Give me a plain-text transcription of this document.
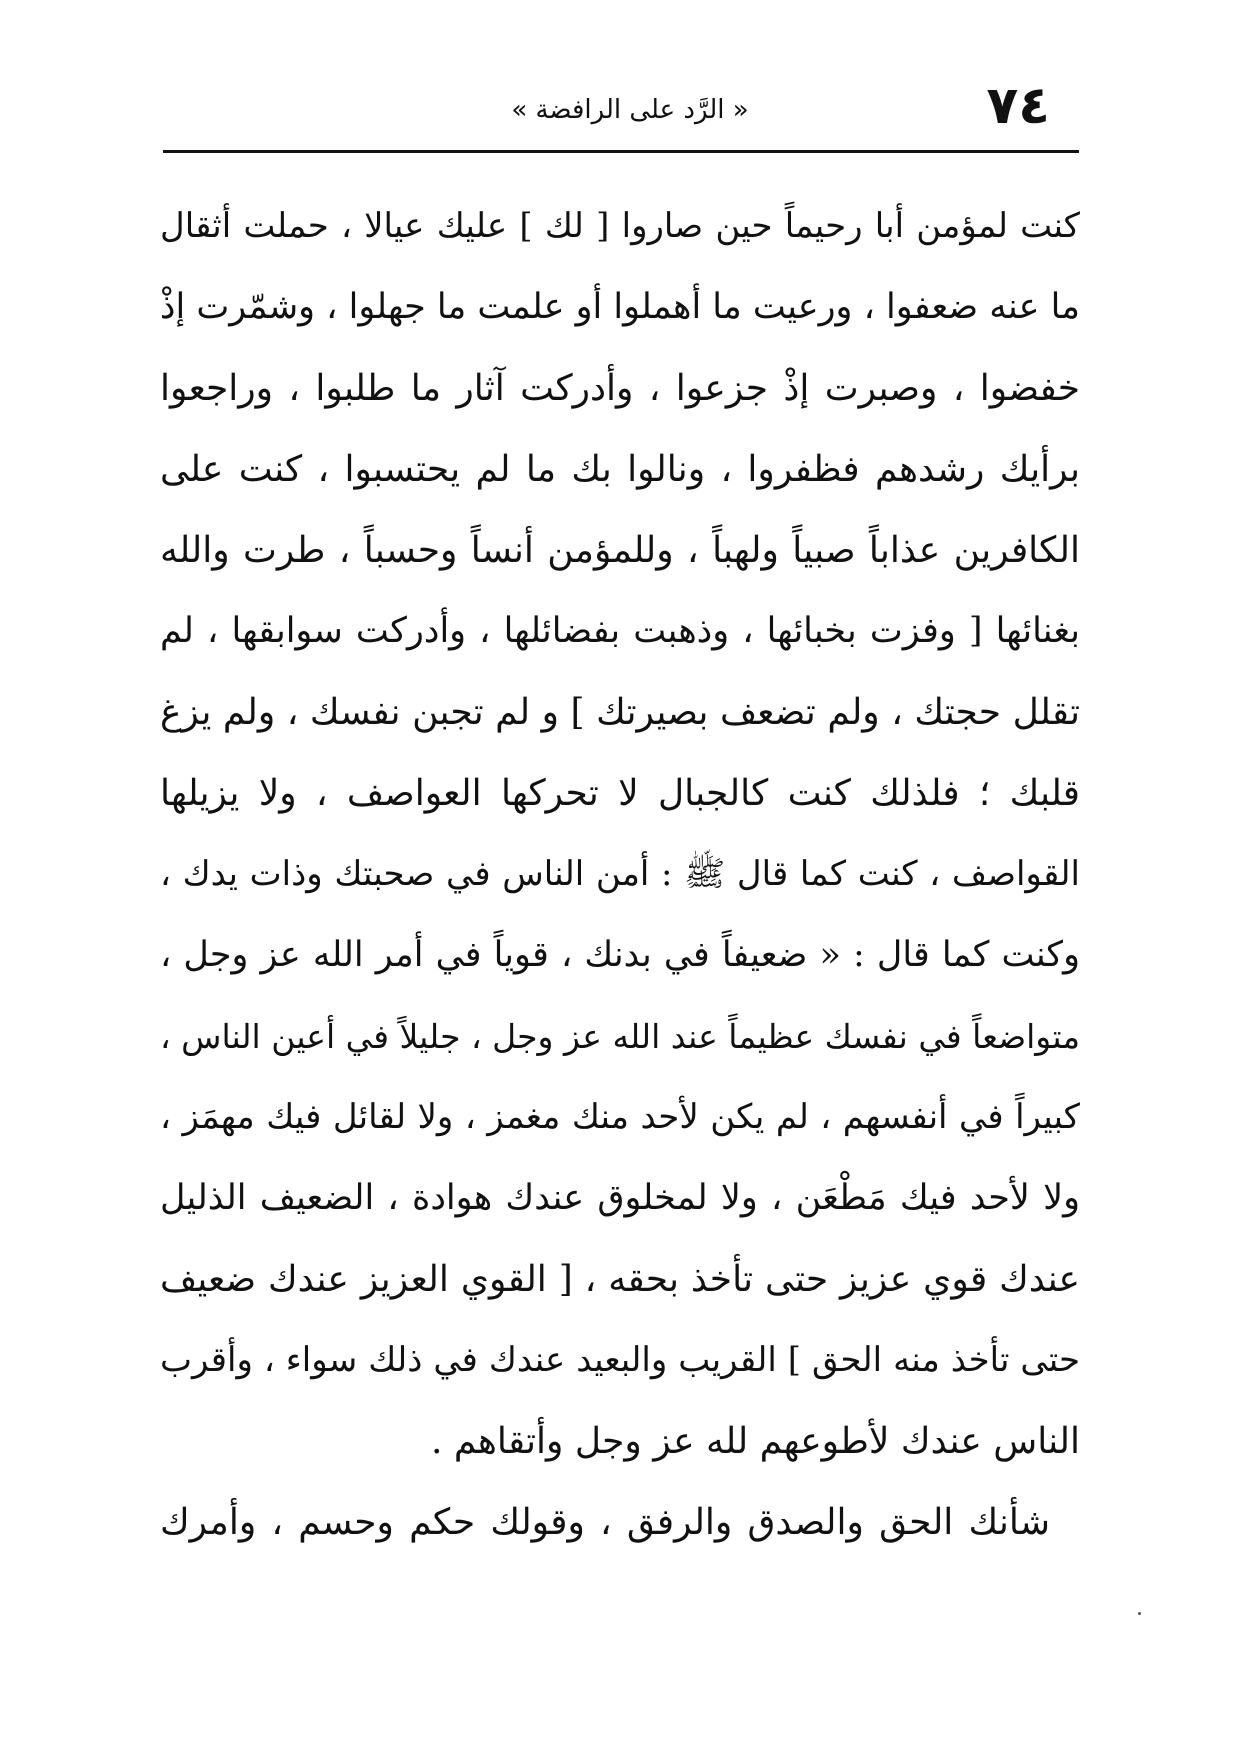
٧٤
« الرَّد على الرافضة »
كنت لمؤمن أبا رحيماً حين صاروا [ لك ] عليك عيالا ، حملت أثقال
ما عنه ضعفوا ، ورعيت ما أهملوا أو علمت ما جهلوا ، وشمّرت إذْ
خفضوا ، وصبرت إذْ جزعوا ، وأدركت آثار ما طلبوا ، وراجعوا
برأيك رشدهم فظفروا ، ونالوا بك ما لم يحتسبوا ، كنت على
الكافرين عذاباً صبياً ولهباً ، وللمؤمن أنساً وحسباً ، طرت والله
بغنائها [ وفزت بخبائها ، وذهبت بفضائلها ، وأدركت سوابقها ، لم
تقلل حجتك ، ولم تضعف بصيرتك ] و لم تجبن نفسك ، ولم يزغ
قلبك ؛ فلذلك كنت كالجبال لا تحركها العواصف ، ولا يزيلها
القواصف ، كنت كما قال ﷺ : أمن الناس في صحبتك وذات يدك ،
وكنت كما قال : « ضعيفاً في بدنك ، قوياً في أمر الله عز وجل ،
متواضعاً في نفسك عظيماً عند الله عز وجل ، جليلاً في أعين الناس ،
كبيراً في أنفسهم ، لم يكن لأحد منك مغمز ، ولا لقائل فيك مهمَز ،
ولا لأحد فيك مَطْعَن ، ولا لمخلوق عندك هوادة ، الضعيف الذليل
عندك قوي عزيز حتى تأخذ بحقه ، [ القوي العزيز عندك ضعيف
حتى تأخذ منه الحق ] القريب والبعيد عندك في ذلك سواء ، وأقرب
الناس عندك لأطوعهم لله عز وجل وأتقاهم .
شأنك الحق والصدق والرفق ، وقولك حكم وحسم ، وأمرك
